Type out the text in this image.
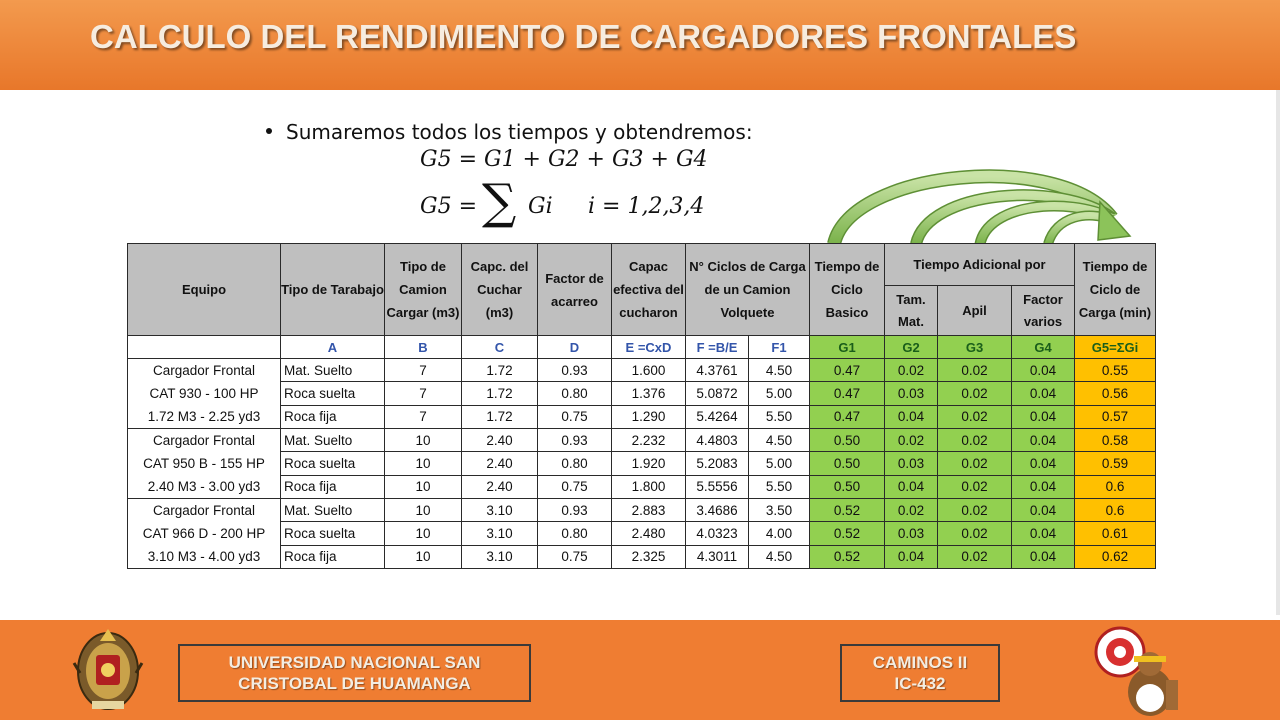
CALCULO DEL RENDIMIENTO DE CARGADORES FRONTALES
Sumaremos todos los tiempos y obtendremos:
G5 = G1 + G2 + G3 + G4
G5 = ∑ Gi i = 1,2,3,4
Equipo	Tipo de Tarabajo	Tipo de Camion Cargar (m3)	Capc. del Cuchar (m3)	Factor de acarreo	Capac efectiva del cucharon	N° Ciclos de Carga de un Camion Volquete		Tiempo de Ciclo Basico	Tiempo Adicional por			Tiempo de Ciclo de Carga (min)
									Tam. Mat.	Apil	Factor varios	
	A	B	C	D	E =CxD	F =B/E	F1	G1	G2	G3	G4	G5=ΣGi

Cargador Frontal
CAT 930 - 100 HP
1.72 M3 - 2.25 yd3	Mat. Suelto	7	1.72	0.93	1.600	4.3761	4.50	0.47	0.02	0.02	0.04	0.55
	Roca suelta	7	1.72	0.80	1.376	5.0872	5.00	0.47	0.03	0.02	0.04	0.56
	Roca fija	7	1.72	0.75	1.290	5.4264	5.50	0.47	0.04	0.02	0.04	0.57

Cargador Frontal
CAT 950 B - 155 HP
2.40 M3 - 3.00 yd3	Mat. Suelto	10	2.40	0.93	2.232	4.4803	4.50	0.50	0.02	0.02	0.04	0.58
	Roca suelta	10	2.40	0.80	1.920	5.2083	5.00	0.50	0.03	0.02	0.04	0.59
	Roca fija	10	2.40	0.75	1.800	5.5556	5.50	0.50	0.04	0.02	0.04	0.6

Cargador Frontal
CAT 966 D - 200 HP
3.10 M3 - 4.00 yd3	Mat. Suelto	10	3.10	0.93	2.883	3.4686	3.50	0.52	0.02	0.02	0.04	0.6
	Roca suelta	10	3.10	0.80	2.480	4.0323	4.00	0.52	0.03	0.02	0.04	0.61
	Roca fija	10	3.10	0.75	2.325	4.3011	4.50	0.52	0.04	0.02	0.04	0.62
UNIVERSIDAD NACIONAL SAN
CRISTOBAL DE HUAMANGA
CAMINOS II
IC-432
